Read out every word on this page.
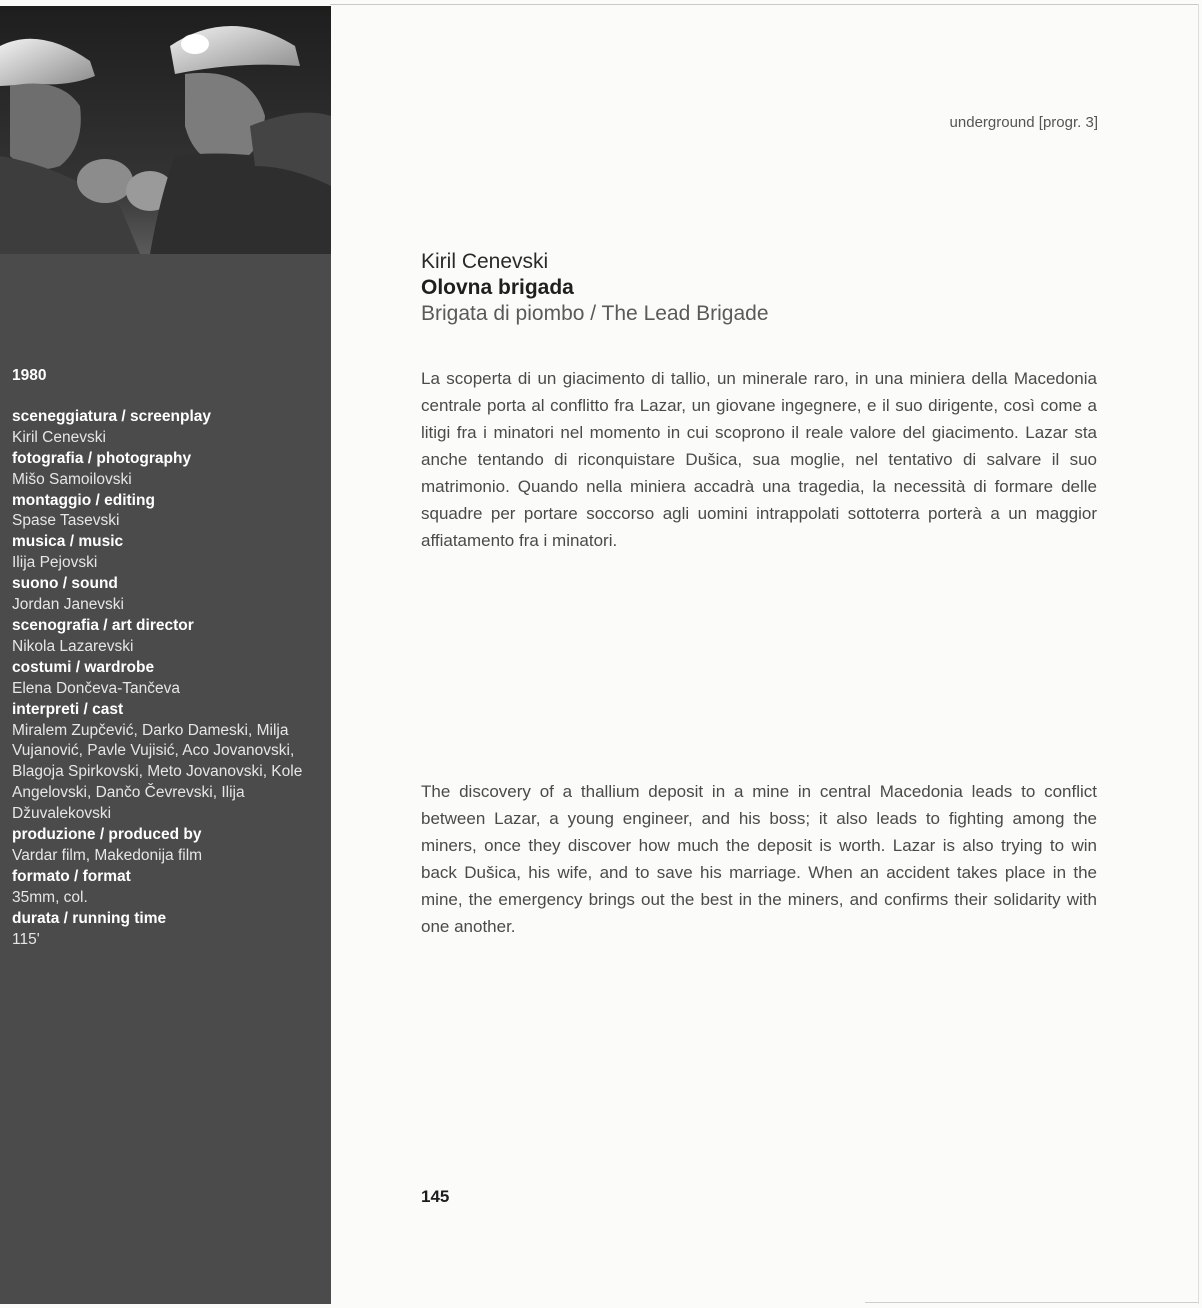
1980
sceneggiatura / screenplay
Kiril Cenevski
fotografia / photography
Mišo Samoilovski
montaggio / editing
Spase Tasevski
musica / music
Ilija Pejovski
suono / sound
Jordan Janevski
scenografia / art director
Nikola Lazarevski
costumi / wardrobe
Elena Dončeva-Tančeva
interpreti / cast
Miralem Zupčević, Darko Dameski, Milja Vujanović, Pavle Vujisić, Aco Jovanovski, Blagoja Spirkovski, Meto Jovanovski, Kole Angelovski, Dančo Čevrevski, Ilija Džuvalekovski
produzione / produced by
Vardar film, Makedonija film
formato / format
35mm, col.
durata / running time
115'
underground [progr. 3]
Kiril Cenevski
Olovna brigada
Brigata di piombo / The Lead Brigade
La scoperta di un giacimento di tallio, un minerale raro, in una miniera della Macedonia centrale porta al conflitto fra Lazar, un giovane ingegnere, e il suo dirigente, così come a litigi fra i minatori nel momento in cui scoprono il reale valore del giacimento. Lazar sta anche tentando di riconquistare Dušica, sua moglie, nel tentativo di salvare il suo matrimonio. Quando nella miniera accadrà una tragedia, la necessità di formare delle squadre per portare soccorso agli uomini intrappolati sottoterra porterà a un maggior affiatamento fra i minatori.
The discovery of a thallium deposit in a mine in central Macedonia leads to conflict between Lazar, a young engineer, and his boss; it also leads to fighting among the miners, once they discover how much the deposit is worth. Lazar is also trying to win back Dušica, his wife, and to save his marriage. When an accident takes place in the mine, the emergency brings out the best in the miners, and confirms their solidarity with one another.
145
